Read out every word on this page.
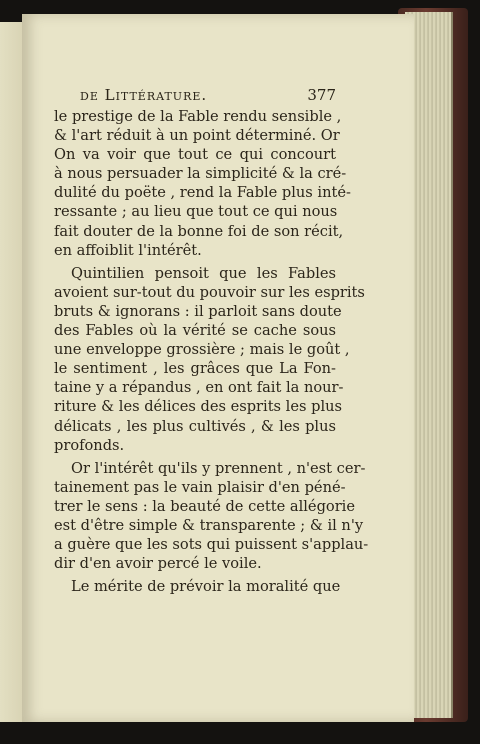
de Littérature.	377
le prestige de la Fable rendu sensible ,
& l'art réduit à un point déterminé. Or
On va voir que tout ce qui concourt
à nous persuader la simplicité & la cré-
dulité du poëte , rend la Fable plus inté-
ressante ; au lieu que tout ce qui nous
fait douter de la bonne foi de son récit,
en affoiblit l'intérêt.
Quintilien pensoit que les Fables
avoient sur-tout du pouvoir sur les esprits
bruts & ignorans : il parloit sans doute
des Fables où la vérité se cache sous
une enveloppe grossière ; mais le goût ,
le sentiment , les grâces que La Fon-
taine y a répandus , en ont fait la nour-
riture & les délices des esprits les plus
délicats , les plus cultivés , & les plus
profonds.
Or l'intérêt qu'ils y prennent , n'est cer-
tainement pas le vain plaisir d'en péné-
trer le sens : la beauté de cette allégorie
est d'être simple & transparente ; & il n'y
a guère que les sots qui puissent s'applau-
dir d'en avoir percé le voile.
Le mérite de prévoir la moralité que
